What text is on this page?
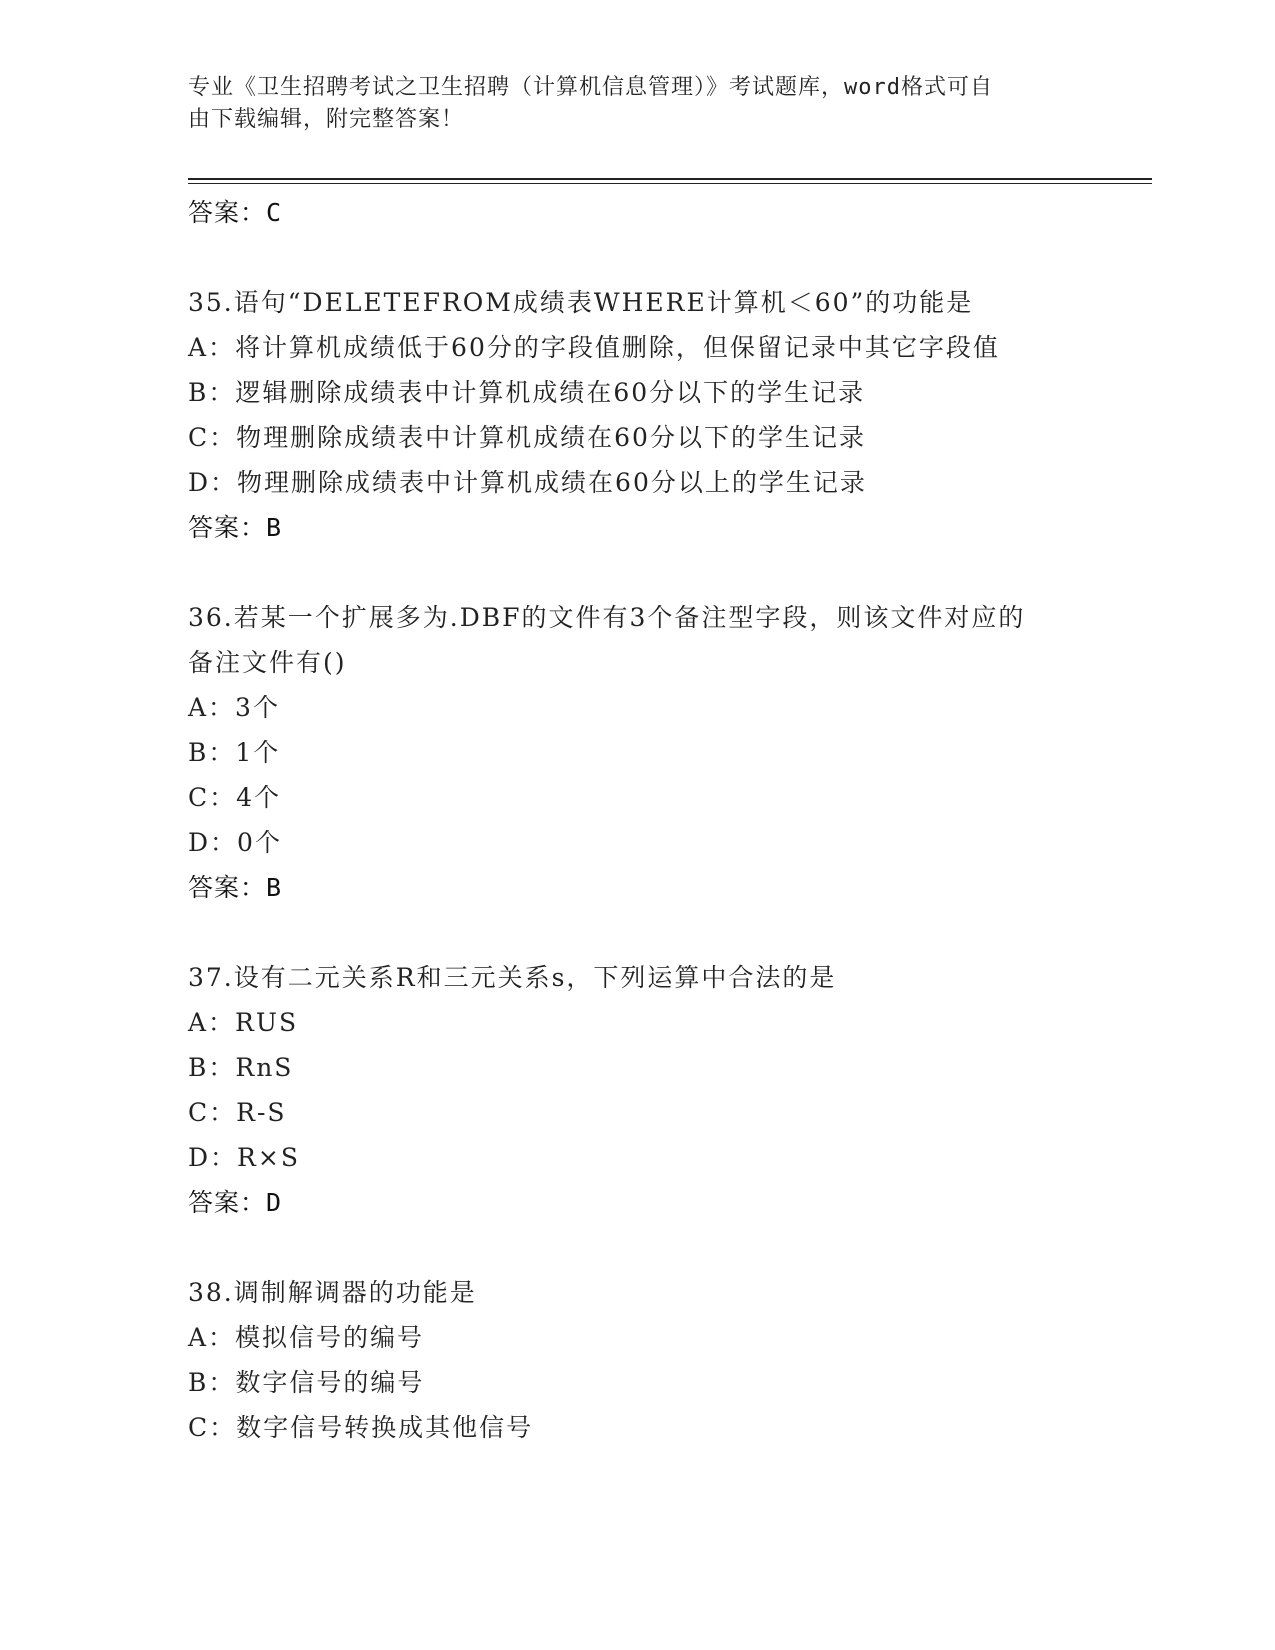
专业《卫生招聘考试之卫生招聘（计算机信息管理）》考试题库，word格式可自
由下载编辑，附完整答案！
答案：C
35.语句“DELETEFROM成绩表WHERE计算机＜60”的功能是
A：将计算机成绩低于60分的字段值删除，但保留记录中其它字段值
B：逻辑删除成绩表中计算机成绩在60分以下的学生记录
C：物理删除成绩表中计算机成绩在60分以下的学生记录
D：物理删除成绩表中计算机成绩在60分以上的学生记录
答案：B
36.若某一个扩展多为.DBF的文件有3个备注型字段，则该文件对应的
备注文件有()
A：3个
B：1个
C：4个
D：0个
答案：B
37.设有二元关系R和三元关系s，下列运算中合法的是
A：RUS
B：RnS
C：R-S
D：R×S
答案：D
38.调制解调器的功能是
A：模拟信号的编号
B：数字信号的编号
C：数字信号转换成其他信号
